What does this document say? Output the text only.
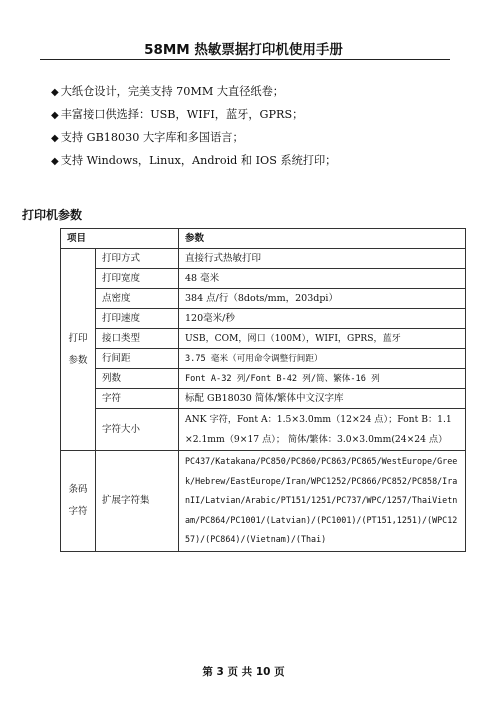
58MM 热敏票据打印机使用手册
◆ 大纸仓设计，完美支持 70MM 大直径纸卷；
◆ 丰富接口供选择：USB，WIFI，蓝牙，GPRS；
◆ 支持 GB18030 大字库和多国语言；
◆ 支持 Windows，Linux，Android 和 IOS 系统打印；
打印机参数
项目		参数
打印
参数	打印方式	直接行式热敏打印
	打印宽度	48 毫米
	点密度	384 点/行（8dots/mm，203dpi）
	打印速度	120毫米/秒
	接口类型	USB，COM，网口（100M），WIFI，GPRS，蓝牙
	行间距	3.75 毫米（可用命令调整行间距）
	列数	Font A-32 列/Font B-42 列/简、繁体-16 列
	字符	标配 GB18030 简体/繁体中文汉字库
	字符大小	ANK 字符，Font A：1.5×3.0mm（12×24 点）；Font B：1.1×2.1mm（9×17 点）； 简体/繁体：3.0×3.0mm(24×24 点）
条码
字符	扩展字符集	PC437/Katakana/PC850/PC860/PC863/PC865/WestEurope/Greek/Hebrew/EastEurope/Iran/WPC1252/PC866/PC852/PC858/IranII/Latvian/Arabic/PT151/1251/PC737/WPC/1257/ThaiVietnam/PC864/PC1001/(Latvian)/(PC1001)/(PT151,1251)/(WPC1257)/(PC864)/(Vietnam)/(Thai)
第 3 页 共 10 页
